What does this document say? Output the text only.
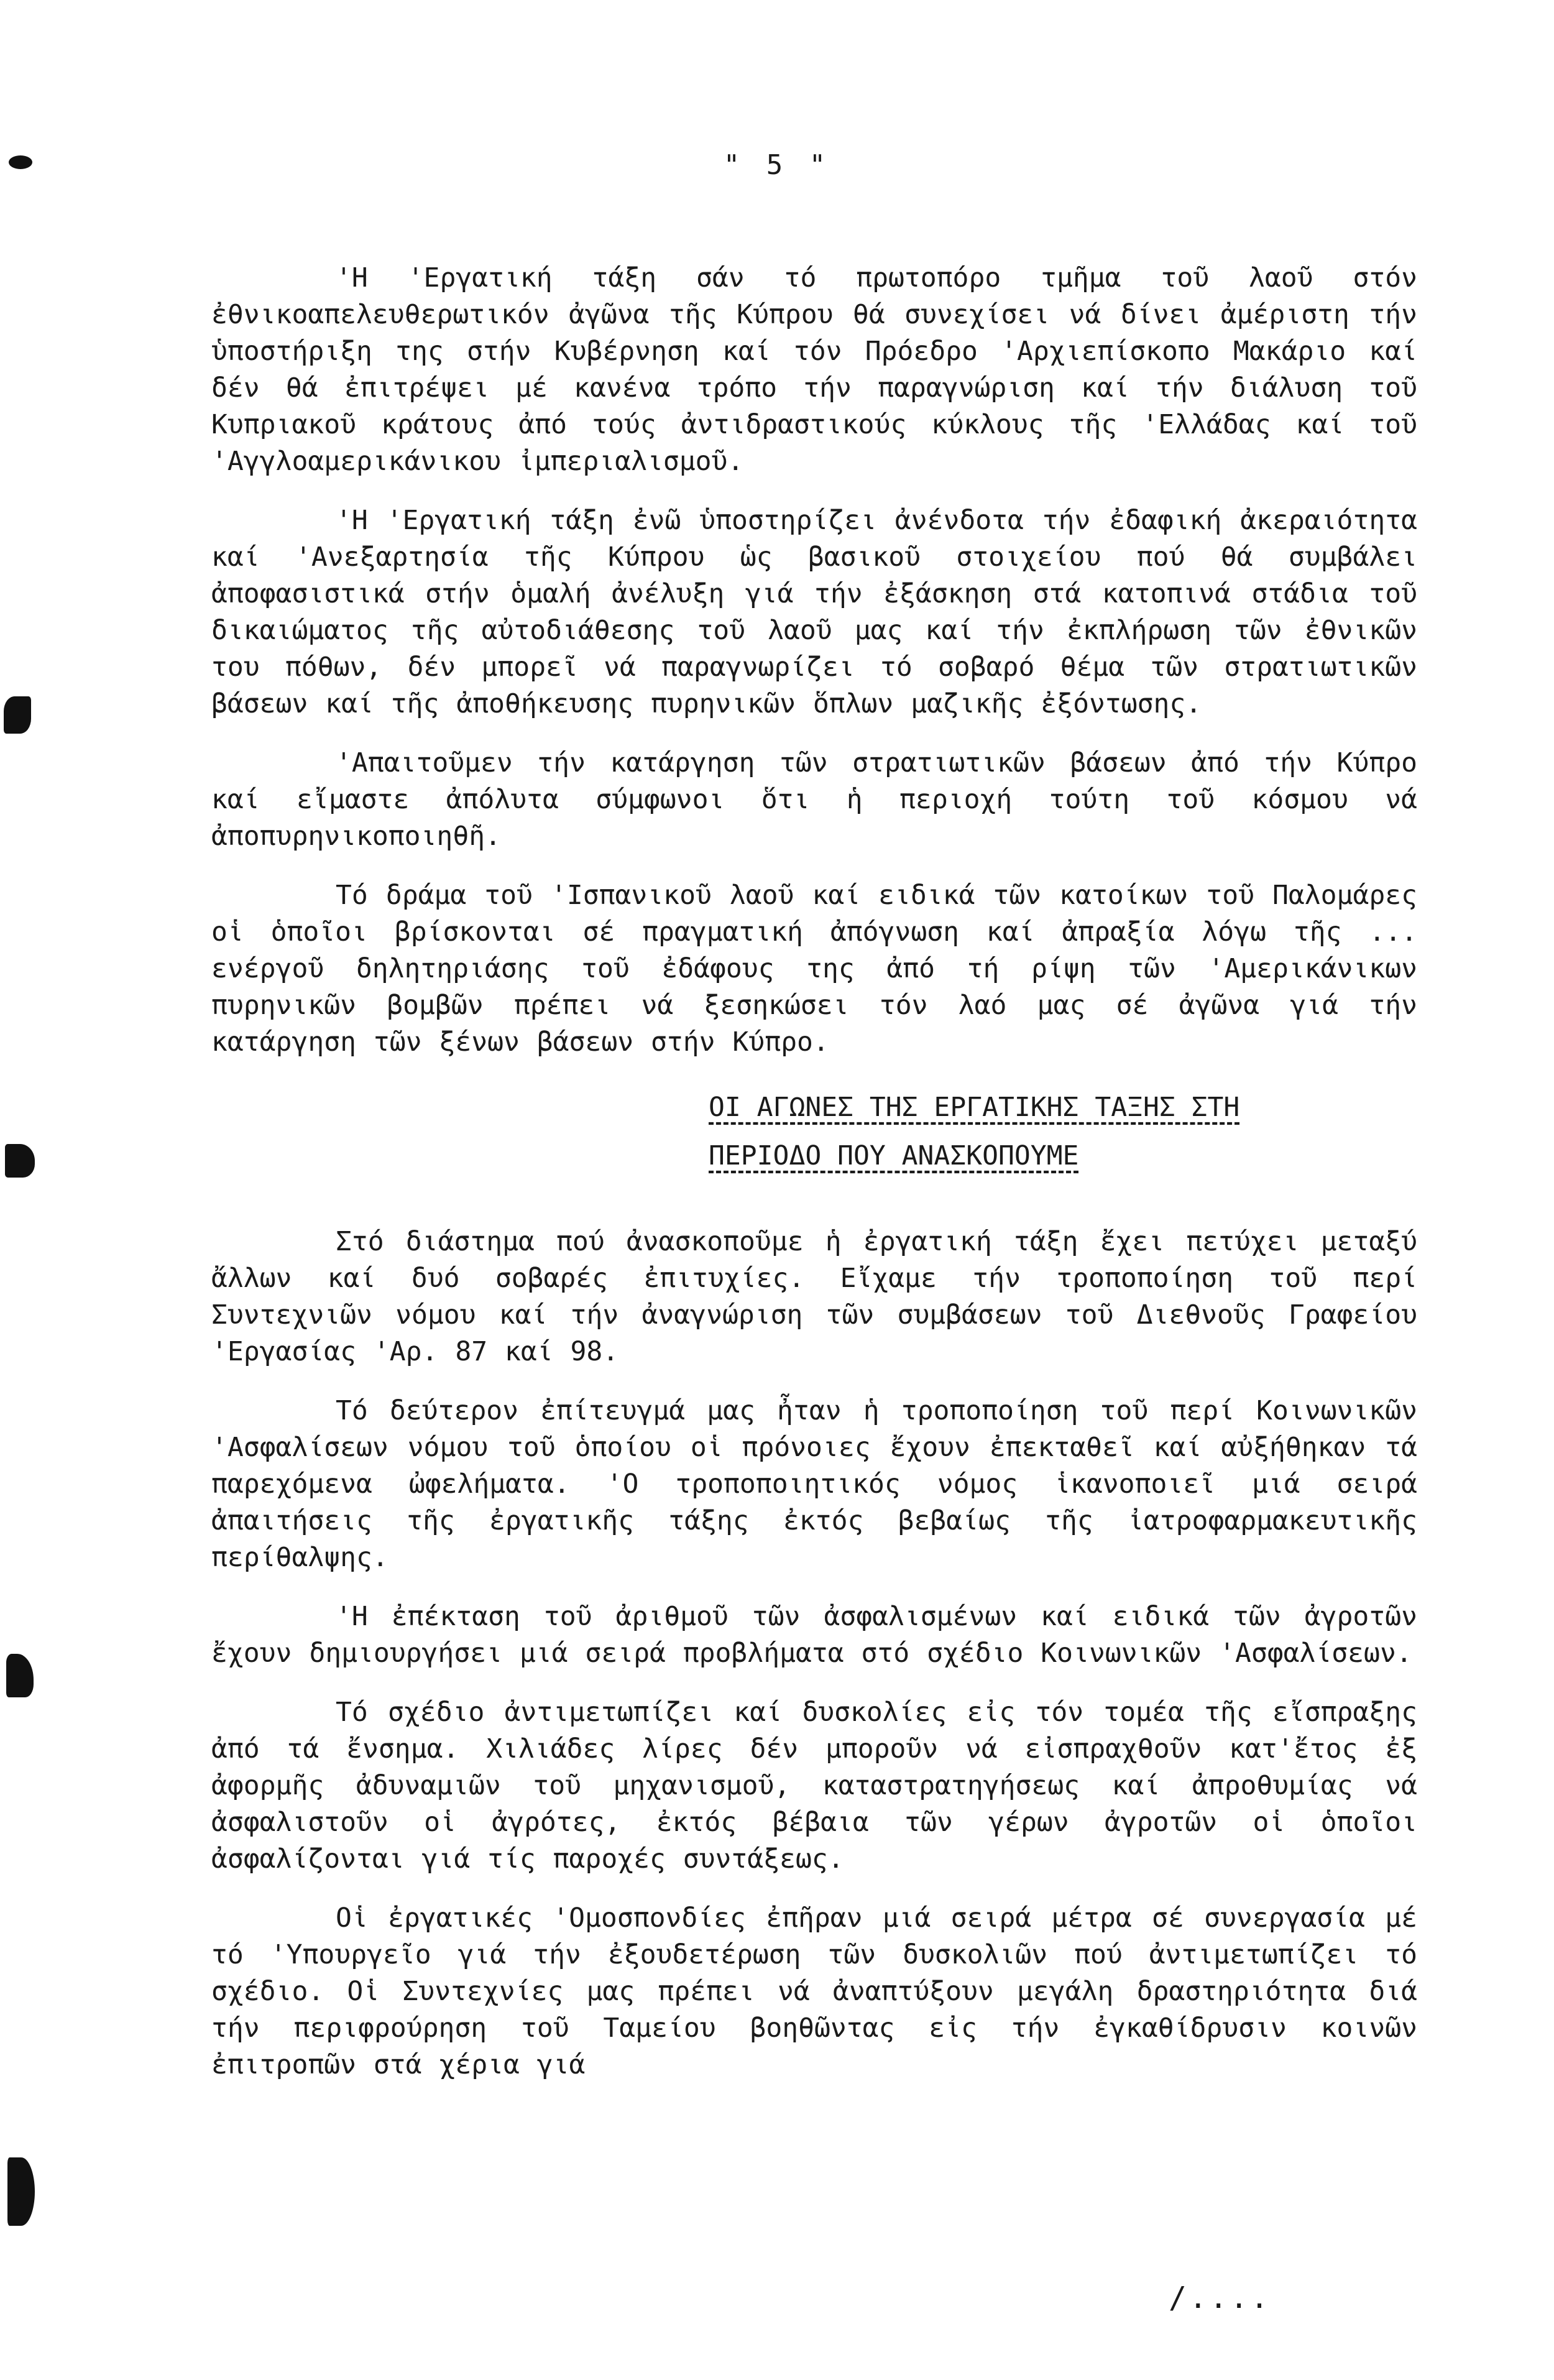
" 5 "

'Η 'Εργατική τάξη σάν τό πρωτοπόρο τμῆμα τοῦ λαοῦ στόν ἐθνικοαπελευθερωτικόν ἀγῶνα τῆς Κύπρου θά συνεχίσει νά δίνει ἀμέριστη τήν ὑποστήριξη της στήν Κυβέρνηση καί τόν Πρόεδρο 'Αρχιεπίσκοπο Μακάριο καί δέν θά ἐπιτρέψει μέ κανένα τρόπο τήν παραγνώριση καί τήν διάλυση τοῦ Κυπριακοῦ κράτους ἀπό τούς ἀντιδραστικούς κύκλους τῆς 'Ελλάδας καί τοῦ 'Αγγλοαμερικάνικου ἰμπεριαλισμοῦ.

'Η 'Εργατική τάξη ἐνῶ ὑποστηρίζει ἀνένδοτα τήν ἐδαφική ἀκεραιότητα καί 'Ανεξαρτησία τῆς Κύπρου ὡς βασικοῦ στοιχείου πού θά συμβάλει ἀποφασιστικά στήν ὁμαλή ἀνέλυξη γιά τήν ἐξάσκηση στά κατοπινά στάδια τοῦ δικαιώματος τῆς αὐτοδιάθεσης τοῦ λαοῦ μας καί τήν ἐκπλήρωση τῶν ἐθνικῶν του πόθων, δέν μπορεῖ νά παραγνωρίζει τό σοβαρό θέμα τῶν στρατιωτικῶν βάσεων καί τῆς ἀποθήκευσης πυρηνικῶν ὅπλων μαζικῆς ἐξόντωσης.

'Απαιτοῦμεν τήν κατάργηση τῶν στρατιωτικῶν βάσεων ἀπό τήν Κύπρο καί εἴμαστε ἀπόλυτα σύμφωνοι ὅτι ἡ περιοχή τούτη τοῦ κόσμου νά ἀποπυρηνικοποιηθῆ.

Τό δράμα τοῦ 'Ισπανικοῦ λαοῦ καί ειδικά τῶν κατοίκων τοῦ Παλομάρες οἱ ὁποῖοι βρίσκονται σέ πραγματική ἀπόγνωση καί ἀπραξία λόγω τῆς ... ενέργοῦ δηλητηριάσης τοῦ ἐδάφους της ἀπό τή ρίψη τῶν 'Αμερικάνικων πυρηνικῶν βομβῶν πρέπει νά ξεσηκώσει τόν λαό μας σέ ἀγῶνα γιά τήν κατάργηση τῶν ξένων βάσεων στήν Κύπρο.

ΟΙ ΑΓΩΝΕΣ ΤΗΣ ΕΡΓΑΤΙΚΗΣ ΤΑΞΗΣ ΣΤΗ
ΠΕΡΙΟΔΟ ΠΟΥ ΑΝΑΣΚΟΠΟΥΜΕ

Στό διάστημα πού ἀνασκοποῦμε ἡ ἐργατική τάξη ἔχει πετύχει μεταξύ ἄλλων καί δυό σοβαρές ἐπιτυχίες. Εἴχαμε τήν τροποποίηση τοῦ περί Συντεχνιῶν νόμου καί τήν ἀναγνώριση τῶν συμβάσεων τοῦ Διεθνοῦς Γραφείου 'Εργασίας 'Αρ. 87 καί 98.

Τό δεύτερον ἐπίτευγμά μας ἦταν ἡ τροποποίηση τοῦ περί Κοινωνικῶν 'Ασφαλίσεων νόμου τοῦ ὁποίου οἱ πρόνοιες ἔχουν ἐπεκταθεῖ καί αὐξήθηκαν τά παρεχόμενα ὠφελήματα. 'Ο τροποποιητικός νόμος ἱκανοποιεῖ μιά σειρά ἀπαιτήσεις τῆς ἐργατικῆς τάξης ἐκτός βεβαίως τῆς ἰατροφαρμακευτικῆς περίθαλψης.

'Η ἐπέκταση τοῦ ἀριθμοῦ τῶν ἀσφαλισμένων καί ειδικά τῶν ἀγροτῶν ἔχουν δημιουργήσει μιά σειρά προβλήματα στό σχέδιο Κοινωνικῶν 'Ασφαλίσεων.

Τό σχέδιο ἀντιμετωπίζει καί δυσκολίες εἰς τόν τομέα τῆς εἴσπραξης ἀπό τά ἔνσημα. Χιλιάδες λίρες δέν μποροῦν νά εἰσπραχθοῦν κατ'ἔτος ἐξ ἀφορμῆς ἀδυναμιῶν τοῦ μηχανισμοῦ, καταστρατηγήσεως καί ἀπροθυμίας νά ἀσφαλιστοῦν οἱ ἀγρότες, ἐκτός βέβαια τῶν γέρων ἀγροτῶν οἱ ὁποῖοι ἀσφαλίζονται γιά τίς παροχές συντάξεως.

Οἱ ἐργατικές 'Ομοσπονδίες ἐπῆραν μιά σειρά μέτρα σέ συνεργασία μέ τό 'Υπουργεῖο γιά τήν ἐξουδετέρωση τῶν δυσκολιῶν πού ἀντιμετωπίζει τό σχέδιο. Οἱ Συντεχνίες μας πρέπει νά ἀναπτύξουν μεγάλη δραστηριότητα διά τήν περιφρούρηση τοῦ Ταμείου βοηθῶντας εἰς τήν ἐγκαθίδρυσιν κοινῶν ἐπιτροπῶν στά χέρια γιά

/....
